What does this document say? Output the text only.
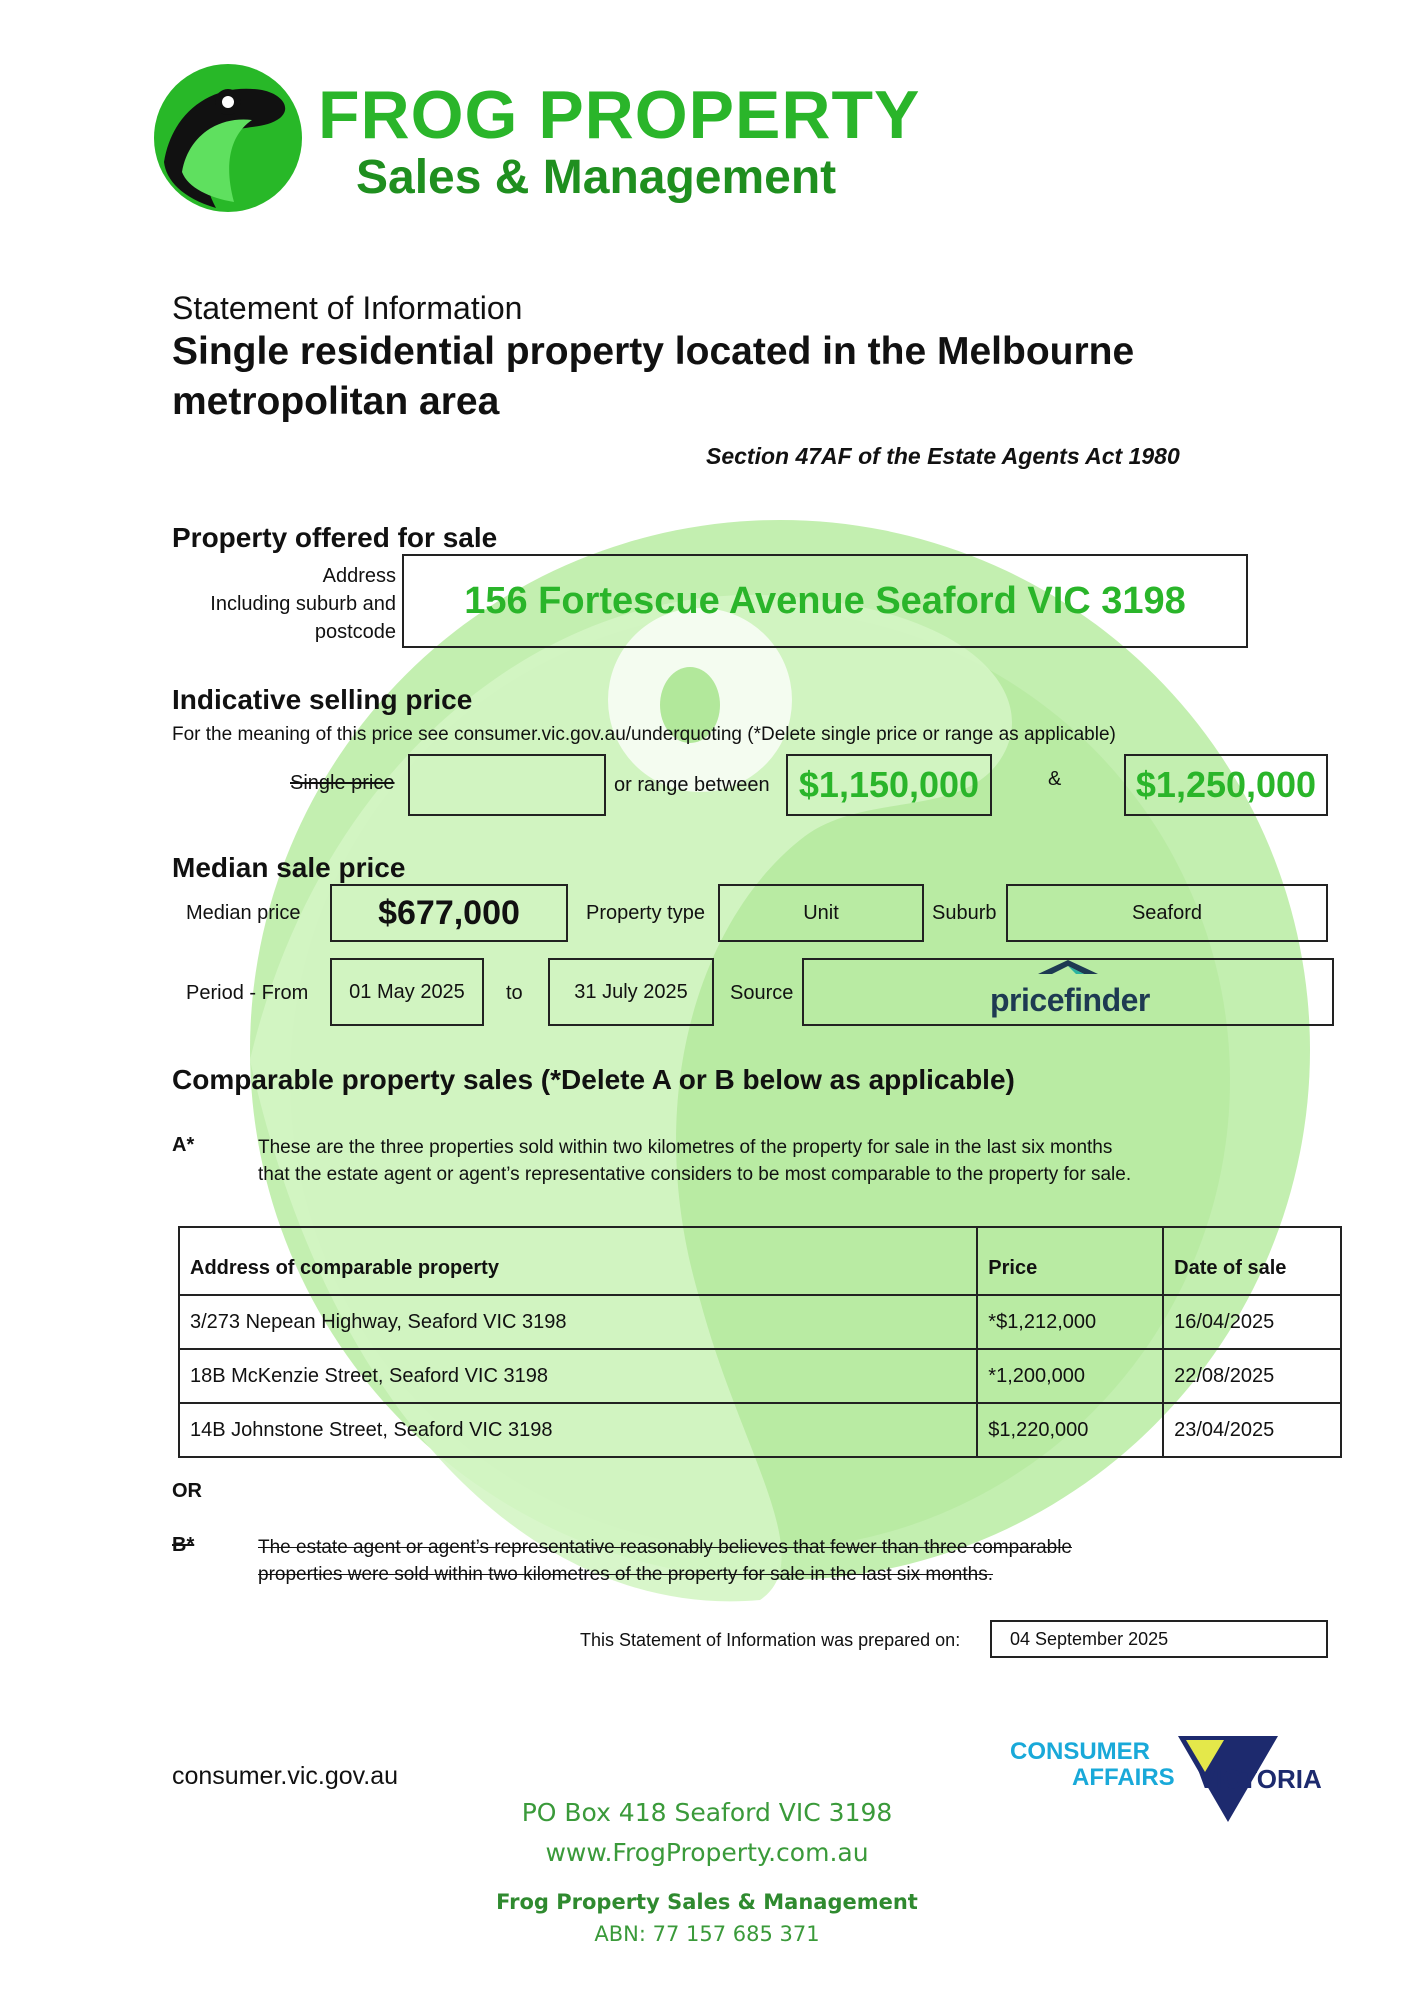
FROG PROPERTY
Sales & Management
Statement of Information
Single residential property located in the Melbourne
metropolitan area
Section 47AF of the Estate Agents Act 1980
Property offered for sale
Address
Including suburb and
postcode
156 Fortescue Avenue Seaford VIC 3198
Indicative selling price
For the meaning of this price see consumer.vic.gov.au/underquoting (*Delete single price or range as applicable)
Single price	or range between $1,150,000	& $1,250,000
Median sale price
Median price $677,000	Property type	Unit	Suburb	Seaford
Period - From 01 May 2025 to	31 July 2025 Source	pricefinder
Comparable property sales (*Delete A or B below as applicable)
A*	These are the three properties sold within two kilometres of the property for sale in the last six months
that the estate agent or agent’s representative considers to be most comparable to the property for sale.
Address of comparable property	Price	Date of sale
3/273 Nepean Highway, Seaford VIC 3198	*$1,212,000	16/04/2025
18B McKenzie Street, Seaford VIC 3198	*1,200,000	22/08/2025
14B Johnstone Street, Seaford VIC 3198	$1,220,000	23/04/2025
OR
B*	The estate agent or agent’s representative reasonably believes that fewer than three comparable
properties were sold within two kilometres of the property for sale in the last six months.
This Statement of Information was prepared on:	04 September 2025
consumer.vic.gov.au
CONSUMER
AFFAIRS VICTORIA
PO Box 418 Seaford VIC 3198
www.FrogProperty.com.au
Frog Property Sales & Management
ABN: 77 157 685 371
